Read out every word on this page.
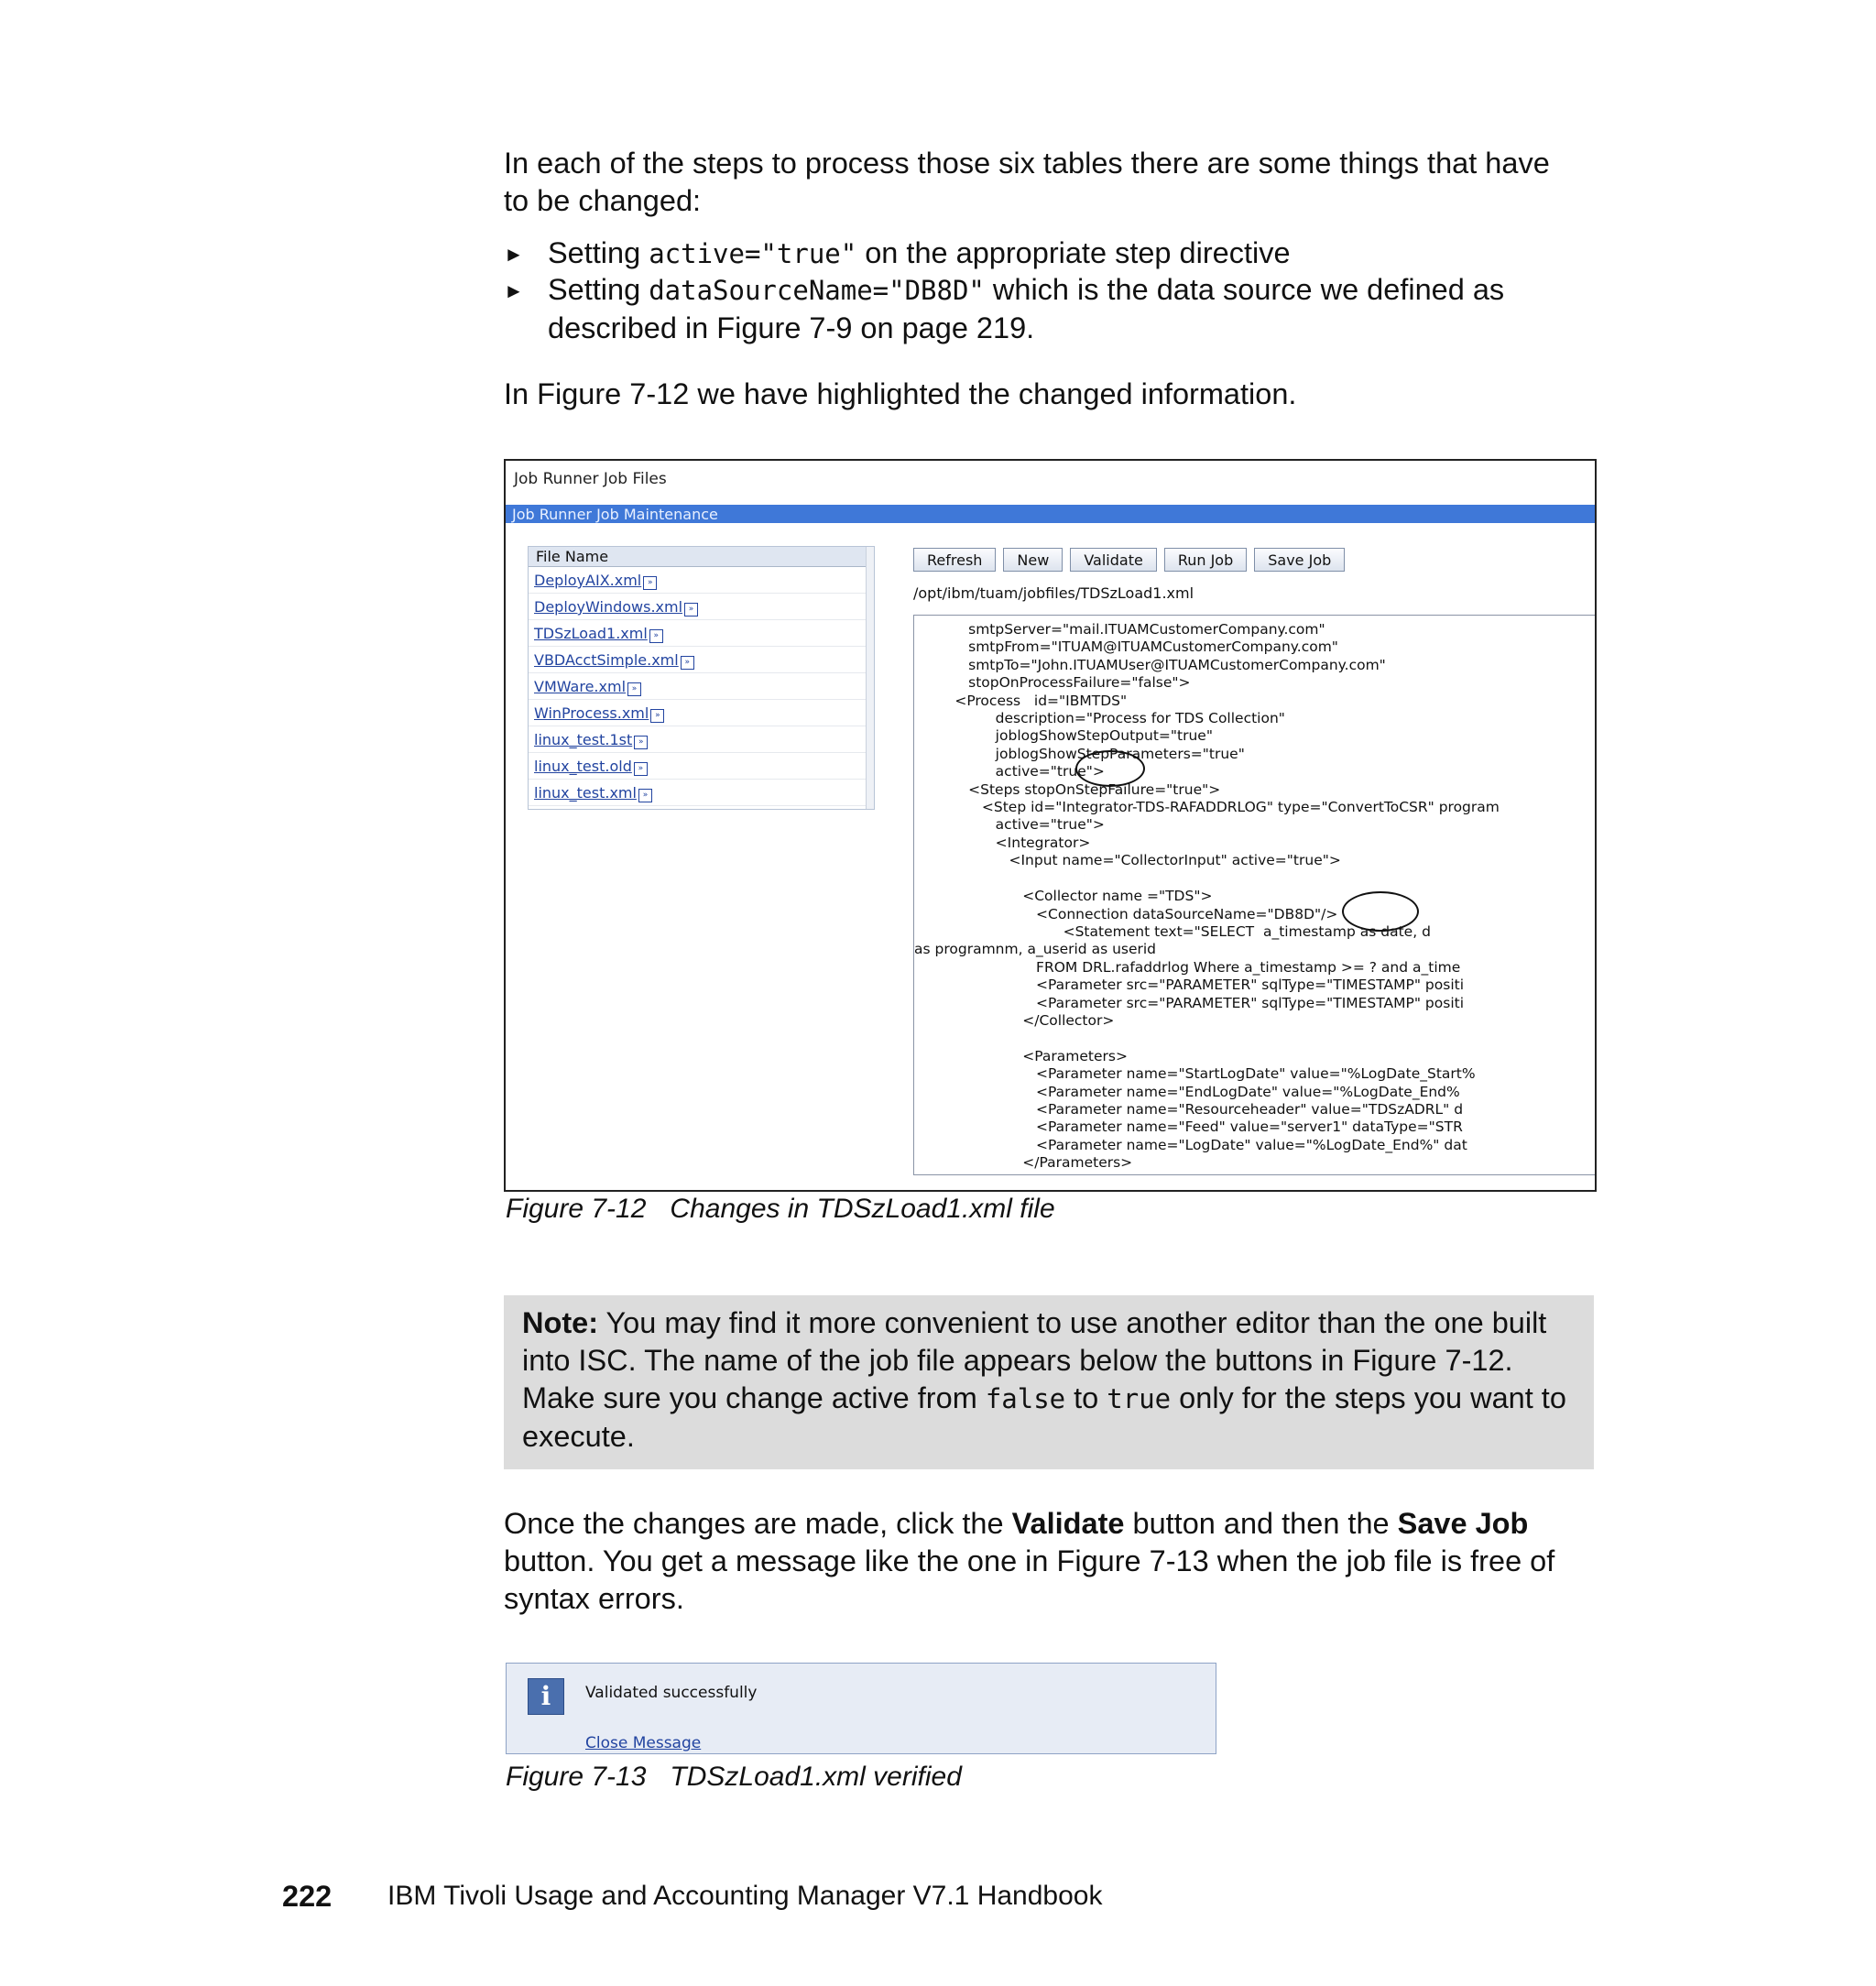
In each of the steps to process those six tables there are some things that have
to be changed:
► Setting active="true" on the appropriate step directive
► Setting dataSourceName="DB8D" which is the data source we defined as
described in Figure 7-9 on page 219.
In Figure 7-12 we have highlighted the changed information.
Job Runner Job Files
Job Runner Job Maintenance
File Name
DeployAIX.xml »
DeployWindows.xml »
TDSzLoad1.xml »
VBDAcctSimple.xml »
VMWare.xml »
WinProcess.xml »
linux_test.1st »
linux_test.old »
linux_test.xml »
Refresh New Validate Run Job Save Job
/opt/ibm/tuam/jobfiles/TDSzLoad1.xml
smtpServer="mail.ITUAMCustomerCompany.com"
smtpFrom="ITUAM@ITUAMCustomerCompany.com"
smtpTo="John.ITUAMUser@ITUAMCustomerCompany.com"
stopOnProcessFailure="false">
<Process   id="IBMTDS"
description="Process for TDS Collection"
joblogShowStepOutput="true"
joblogShowStepParameters="true"
active="true">
<Steps stopOnStepFailure="true">
<Step id="Integrator-TDS-RAFADDRLOG" type="ConvertToCSR" program
active="true">
<Integrator>
<Input name="CollectorInput" active="true">

<Collector name ="TDS">
<Connection dataSourceName="DB8D"/>
<Statement text="SELECT  a_timestamp as date, d
as programnm, a_userid as userid
FROM DRL.rafaddrlog Where a_timestamp >= ? and a_time
<Parameter src="PARAMETER" sqlType="TIMESTAMP" positi
<Parameter src="PARAMETER" sqlType="TIMESTAMP" positi
</Collector>

<Parameters>
<Parameter name="StartLogDate" value="%LogDate_Start%
<Parameter name="EndLogDate" value="%LogDate_End%
<Parameter name="Resourceheader" value="TDSzADRL" d
<Parameter name="Feed" value="server1" dataType="STR
<Parameter name="LogDate" value="%LogDate_End%" dat
</Parameters>
Figure 7-12 Changes in TDSzLoad1.xml file
Note: You may find it more convenient to use another editor than the one built into ISC. The name of the job file appears below the buttons in Figure 7-12. Make sure you change active from false to true only for the steps you want to execute.
Once the changes are made, click the Validate button and then the Save Job button. You get a message like the one in Figure 7-13 when the job file is free of syntax errors.
i	Validated successfully
Close Message
Figure 7-13 TDSzLoad1.xml verified
222 IBM Tivoli Usage and Accounting Manager V7.1 Handbook
